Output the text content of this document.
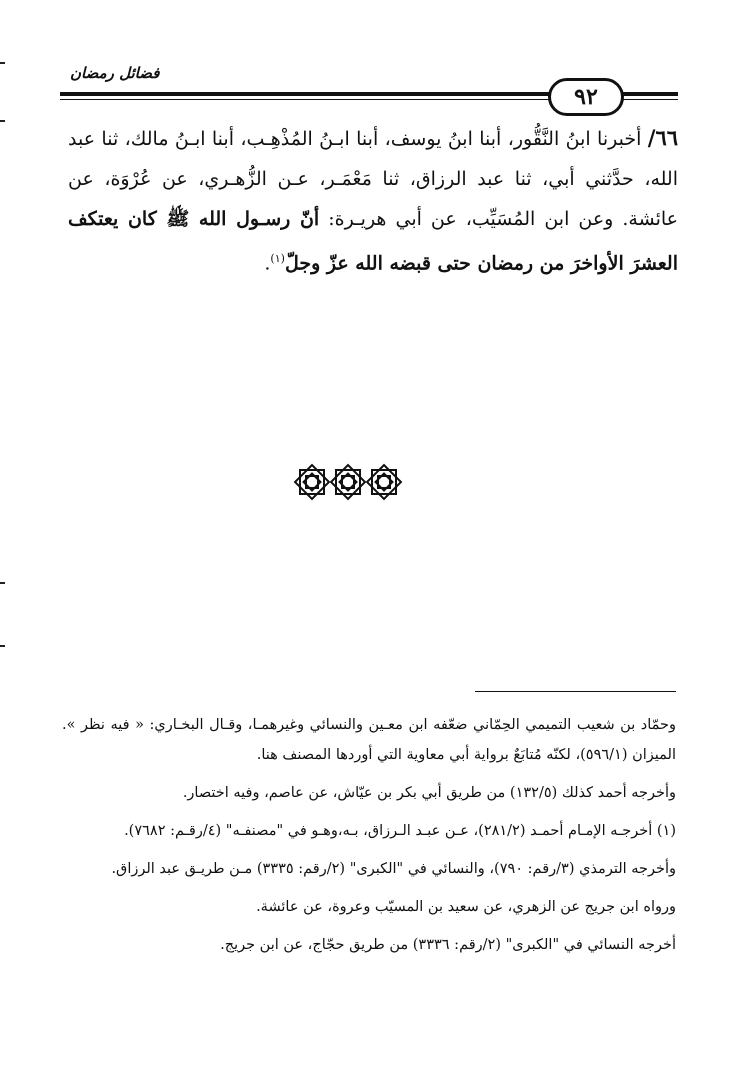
فضائل رمضان
٩٢
٦٦/ أخبرنا ابنُ النَّقُّور، أبنا ابنُ يوسف، أبنا ابـنُ المُذْهِـب، أبنا ابـنُ مالك، ثنا عبد الله، حدَّثني أبي، ثنا عبد الرزاق، ثنا مَعْمَـر، عـن الزُّهـري، عن عُرْوَة، عن عائشة. وعن ابن المُسَيِّب، عن أبي هريـرة: أنّ رسـول الله ﷺ كان يعتكف العشرَ الأواخرَ من رمضان حتى قبضه الله عزّ وجلّ$^{(١)}$.

وحمّاد بن شعيب التميمي الحِمّاني ضعّفه ابن معـين والنسائي وغيرهمـا، وقـال البخـاري: « فيه نظر ». الميزان (٥٩٦/١)، لكنّه مُتابَعٌ برواية أبي معاوية التي أوردها المصنف هنا.

وأخرجه أحمد كذلك (١٣٢/٥) من طريق أبي بكر بن عيّاش، عن عاصم، وفيه اختصار.

(١) أخرجـه الإمـام أحمـد (٢٨١/٢)، عـن عبـد الـرزاق، بـه،وهـو في "مصنفـه" (٤/رقـم: ٧٦٨٢).

وأخرجه الترمذي (٣/رقم: ٧٩٠)، والنسائي في "الكبرى" (٢/رقم: ٣٣٣٥) مـن طريـق عبد الرزاق.

ورواه ابن جريج عن الزهري، عن سعيد بن المسيّب وعروة، عن عائشة.

أخرجه النسائي في "الكبرى" (٢/رقم: ٣٣٣٦) من طريق حجّاج، عن ابن جريج.
